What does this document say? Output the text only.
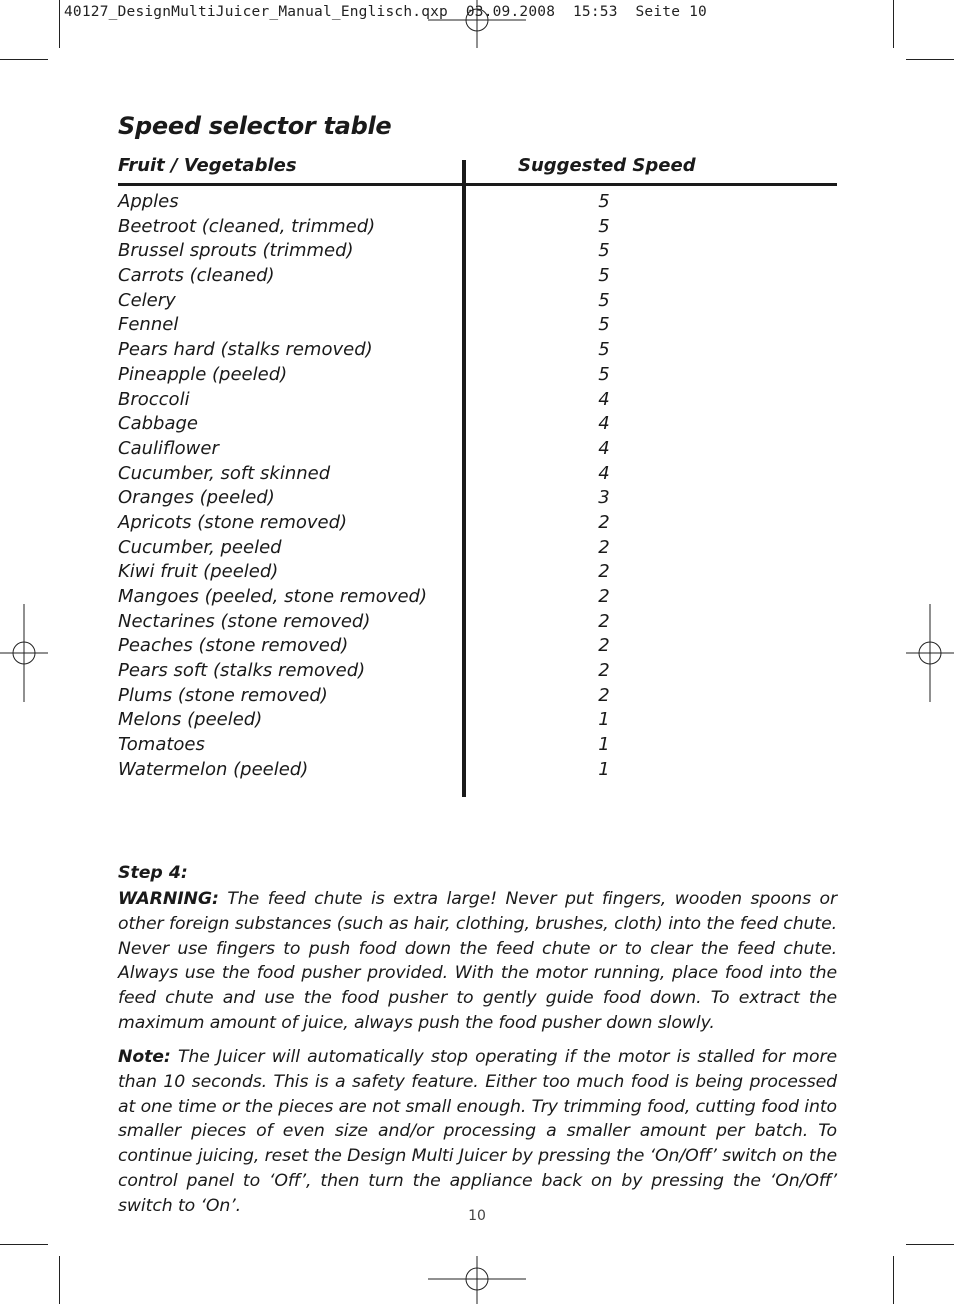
40127_DesignMultiJuicer_Manual_Englisch.qxp  03.09.2008  15:53  Seite 10
Speed selector table
Fruit / Vegetables	Suggested Speed
Apples	5
Beetroot (cleaned, trimmed)	5
Brussel sprouts (trimmed)	5
Carrots (cleaned)	5
Celery	5
Fennel	5
Pears hard (stalks removed)	5
Pineapple (peeled)	5
Broccoli	4
Cabbage	4
Cauliflower	4
Cucumber, soft skinned	4
Oranges (peeled)	3
Apricots (stone removed)	2
Cucumber, peeled	2
Kiwi fruit (peeled)	2
Mangoes (peeled, stone removed)	2
Nectarines (stone removed)	2
Peaches (stone removed)	2
Pears soft (stalks removed)	2
Plums (stone removed)	2
Melons (peeled)	1
Tomatoes	1
Watermelon (peeled)	1
Step 4:
WARNING: The feed chute is extra large! Never put fingers, wooden spoons or other foreign substances (such as hair, clothing, brushes, cloth) into the feed chute. Never use fingers to push food down the feed chute or to clear the feed chute. Always use the food pusher provided. With the motor running, place food into the feed chute and use the food pusher to gently guide food down. To extract the maximum amount of juice, always push the food pusher down slowly.
Note: The Juicer will automatically stop operating if the motor is stalled for more than 10 seconds. This is a safety feature. Either too much food is being processed at one time or the pieces are not small enough. Try trimming food, cutting food into smaller pieces of even size and/or processing a smaller amount per batch. To continue juicing, reset the Design Multi Juicer by pressing the ‘On/Off’ switch on the control panel to ‘Off’, then turn the appliance back on by pressing the ‘On/Off’ switch to ‘On’.
10
